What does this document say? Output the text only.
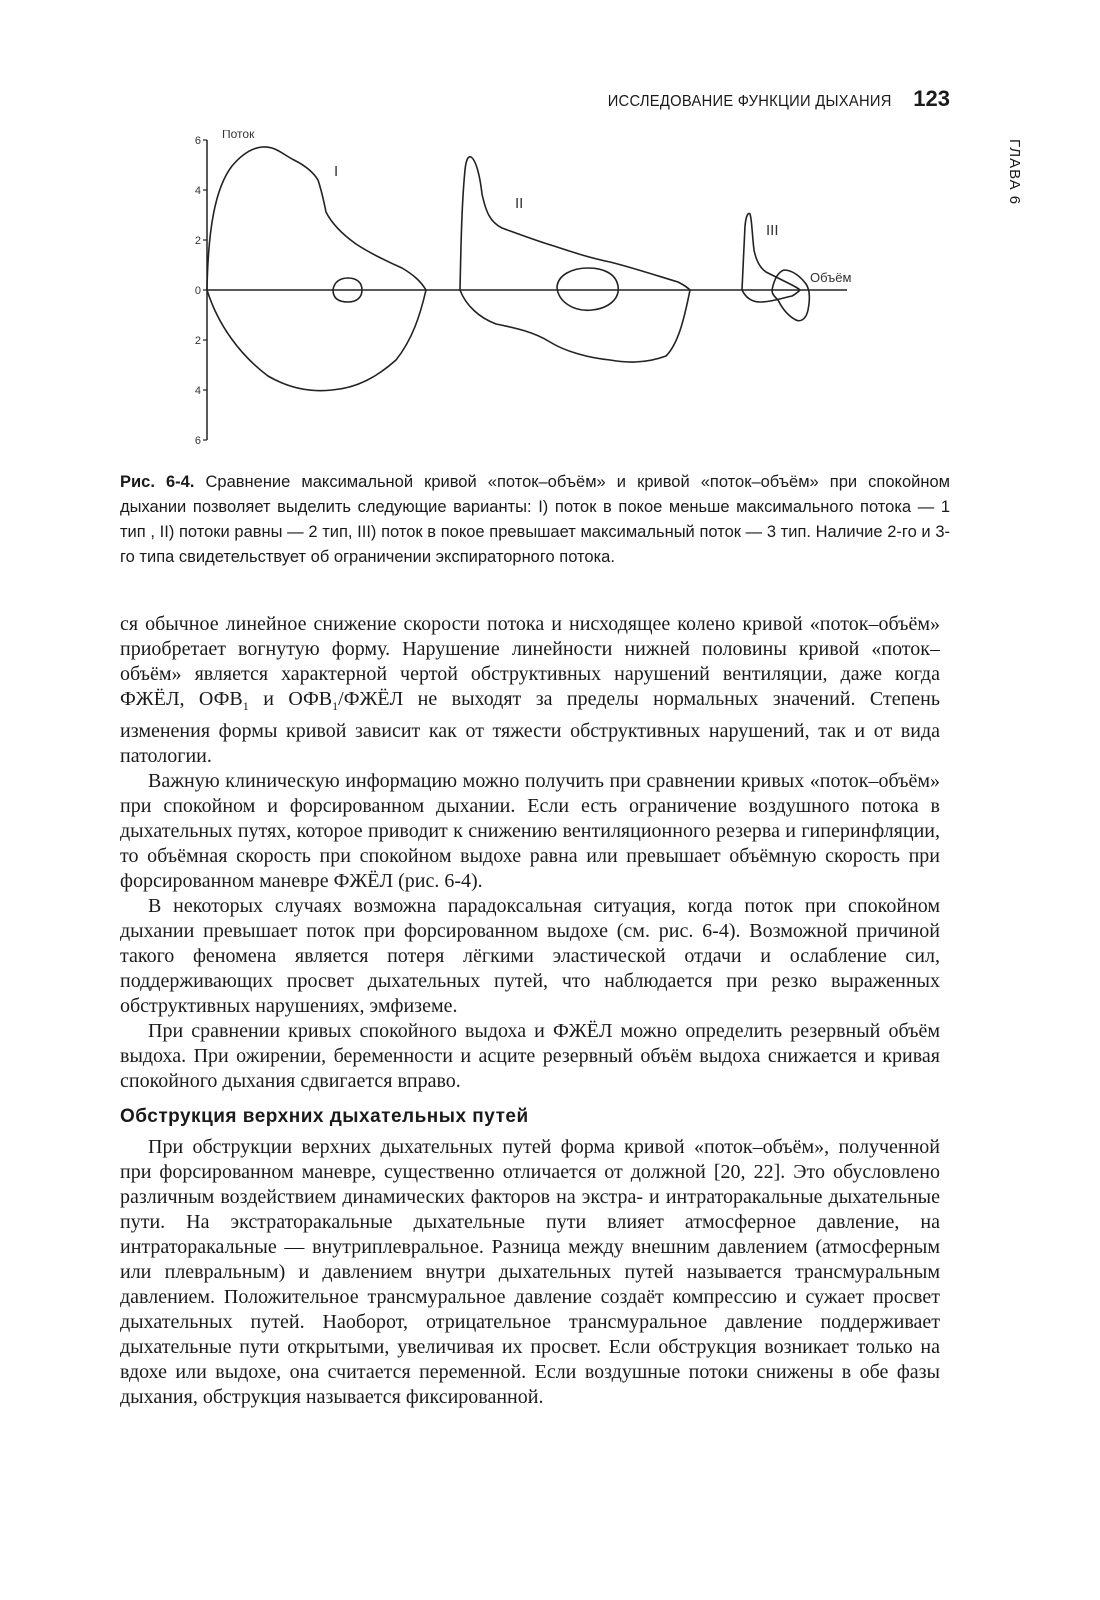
ИССЛЕДОВАНИЕ ФУНКЦИИ ДЫХАНИЯ 123
ГЛАВА 6
6
4
2
0
2
4
6
Поток
Объём
I
II
III
Рис. 6-4. Сравнение максимальной кривой «поток–объём» и кривой «поток–объём» при спокойном дыхании позволяет выделить следующие варианты: I) поток в покое меньше максимального потока — 1 тип , II) потоки равны — 2 тип, III) поток в покое превышает максимальный поток — 3 тип. Наличие 2-го и 3-го типа свидетельствует об ограничении экспираторного потока.

ся обычное линейное снижение скорости потока и нисходящее колено кривой «поток–объём» приобретает вогнутую форму. Нарушение линейности нижней половины кривой «поток–объём» является характерной чертой обструктивных нарушений вентиляции, даже когда ФЖЁЛ, $ОФВ_1$ и $ОФВ_1$/ФЖЁЛ не выходят за пределы нормальных значений. Степень изменения формы кривой зависит как от тяжести обструктивных нарушений, так и от вида патологии.

Важную клиническую информацию можно получить при сравнении кривых «поток–объём» при спокойном и форсированном дыхании. Если есть ограничение воздушного потока в дыхательных путях, которое приводит к снижению вентиляционного резерва и гиперинфляции, то объёмная скорость при спокойном выдохе равна или превышает объёмную скорость при форсированном маневре ФЖЁЛ (рис. 6-4).

В некоторых случаях возможна парадоксальная ситуация, когда поток при спокойном дыхании превышает поток при форсированном выдохе (см. рис. 6-4). Возможной причиной такого феномена является потеря лёгкими эластической отдачи и ослабление сил, поддерживающих просвет дыхательных путей, что наблюдается при резко выраженных обструктивных нарушениях, эмфиземе.

При сравнении кривых спокойного выдоха и ФЖЁЛ можно определить резервный объём выдоха. При ожирении, беременности и асците резервный объём выдоха снижается и кривая спокойного дыхания сдвигается вправо.

Обструкция верхних дыхательных путей

При обструкции верхних дыхательных путей форма кривой «поток–объём», полученной при форсированном маневре, существенно отличается от должной [20, 22]. Это обусловлено различным воздействием динамических факторов на экстра- и интраторакальные дыхательные пути. На экстраторакальные дыхательные пути влияет атмосферное давление, на интраторакальные — внутриплевральное. Разница между внешним давлением (атмосферным или плевральным) и давлением внутри дыхательных путей называется трансмуральным давлением. Положительное трансмуральное давление создаёт компрессию и сужает просвет дыхательных путей. Наоборот, отрицательное трансмуральное давление поддерживает дыхательные пути открытыми, увеличивая их просвет. Если обструкция возникает только на вдохе или выдохе, она считается переменной. Если воздушные потоки снижены в обе фазы дыхания, обструкция называется фиксированной.
